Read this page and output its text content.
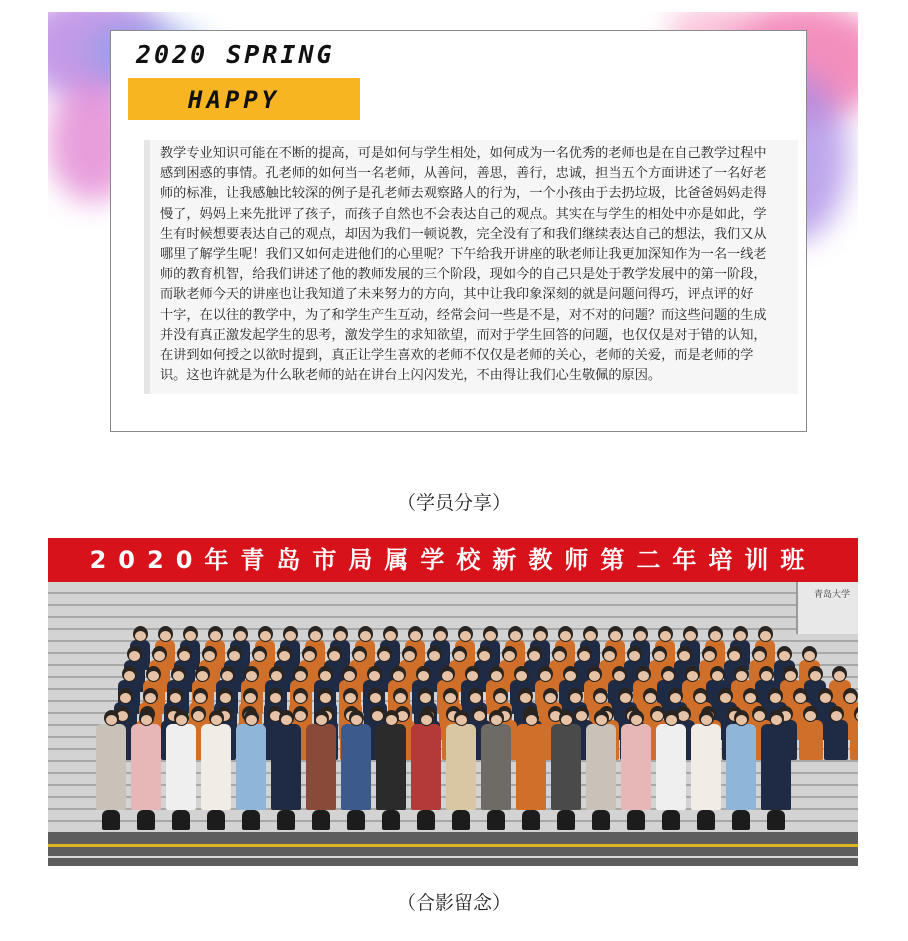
2020 SPRING
HAPPY
教学专业知识可能在不断的提高，可是如何与学生相处，如何成为一名优秀的老师也是在自己教学过程中
感到困惑的事情。孔老师的如何当一名老师，从善问，善思，善行，忠诚，担当五个方面讲述了一名好老
师的标准，让我感触比较深的例子是孔老师去观察路人的行为，一个小孩由于去扔垃圾，比爸爸妈妈走得
慢了，妈妈上来先批评了孩子，而孩子自然也不会表达自己的观点。其实在与学生的相处中亦是如此，学
生有时候想要表达自己的观点，却因为我们一顿说教，完全没有了和我们继续表达自己的想法，我们又从
哪里了解学生呢！我们又如何走进他们的心里呢？下午给我开讲座的耿老师让我更加深知作为一名一线老
师的教育机智，给我们讲述了他的教师发展的三个阶段，现如今的自己只是处于教学发展中的第一阶段，
而耿老师今天的讲座也让我知道了未来努力的方向，其中让我印象深刻的就是问题问得巧，评点评的好
十字，在以往的教学中，为了和学生产生互动，经常会问一些是不是，对不对的问题？而这些问题的生成
并没有真正激发起学生的思考，激发学生的求知欲望，而对于学生回答的问题，也仅仅是对于错的认知，
在讲到如何授之以欲时提到，真正让学生喜欢的老师不仅仅是老师的关心，老师的关爱，而是老师的学
识。这也许就是为什么耿老师的站在讲台上闪闪发光，不由得让我们心生敬佩的原因。
（学员分享）
青岛大学
2020年青岛市局属学校新教师第二年培训班
（合影留念）
